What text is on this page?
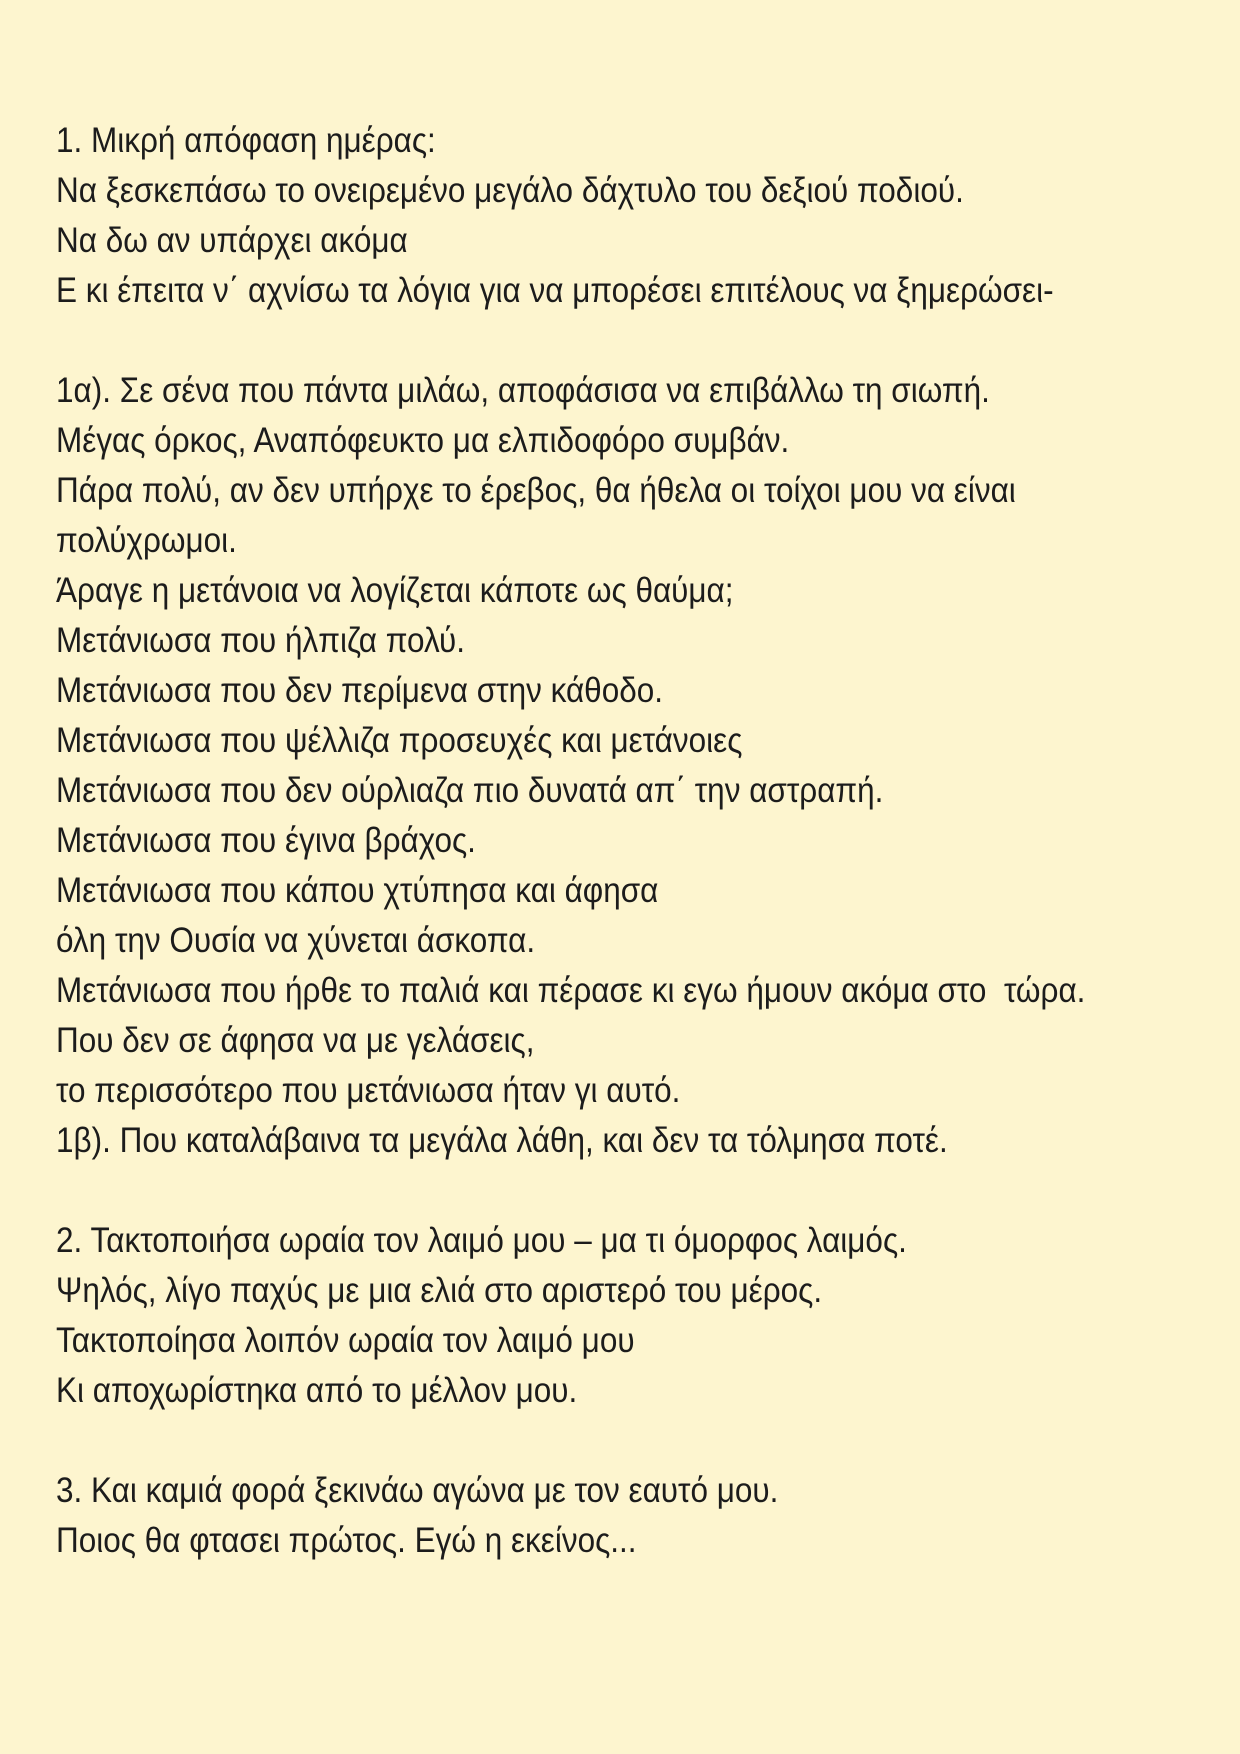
1. Μικρή απόφαση ημέρας:
Να ξεσκεπάσω το ονειρεμένο μεγάλο δάχτυλο του δεξιού ποδιού.
Να δω αν υπάρχει ακόμα
Ε κι έπειτα ν΄ αχνίσω τα λόγια για να μπορέσει επιτέλους να ξημερώσει-
1α). Σε σένα που πάντα μιλάω, αποφάσισα να επιβάλλω τη σιωπή.
Μέγας όρκος, Αναπόφευκτο μα ελπιδοφόρο συμβάν.
Πάρα πολύ, αν δεν υπήρχε το έρεβος, θα ήθελα οι τοίχοι μου να είναι
πολύχρωμοι.
Άραγε η μετάνοια να λογίζεται κάποτε ως θαύμα;
Μετάνιωσα που ήλπιζα πολύ.
Μετάνιωσα που δεν περίμενα στην κάθοδο.
Μετάνιωσα που ψέλλιζα προσευχές και μετάνοιες
Μετάνιωσα που δεν ούρλιαζα πιο δυνατά απ΄ την αστραπή.
Μετάνιωσα που έγινα βράχος.
Μετάνιωσα που κάπου χτύπησα και άφησα
όλη την Ουσία να χύνεται άσκοπα.
Μετάνιωσα που ήρθε το παλιά και πέρασε κι εγω ήμουν ακόμα στο  τώρα.
Που δεν σε άφησα να με γελάσεις,
το περισσότερο που μετάνιωσα ήταν γι αυτό.
1β). Που καταλάβαινα τα μεγάλα λάθη, και δεν τα τόλμησα ποτέ.
2. Τακτοποιήσα ωραία τον λαιμό μου – μα τι όμορφος λαιμός.
Ψηλός, λίγο παχύς με μια ελιά στο αριστερό του μέρος.
Τακτοποίησα λοιπόν ωραία τον λαιμό μου
Κι αποχωρίστηκα από το μέλλον μου.
3. Και καμιά φορά ξεκινάω αγώνα με τον εαυτό μου.
Ποιος θα φτασει πρώτος. Εγώ η εκείνος...
